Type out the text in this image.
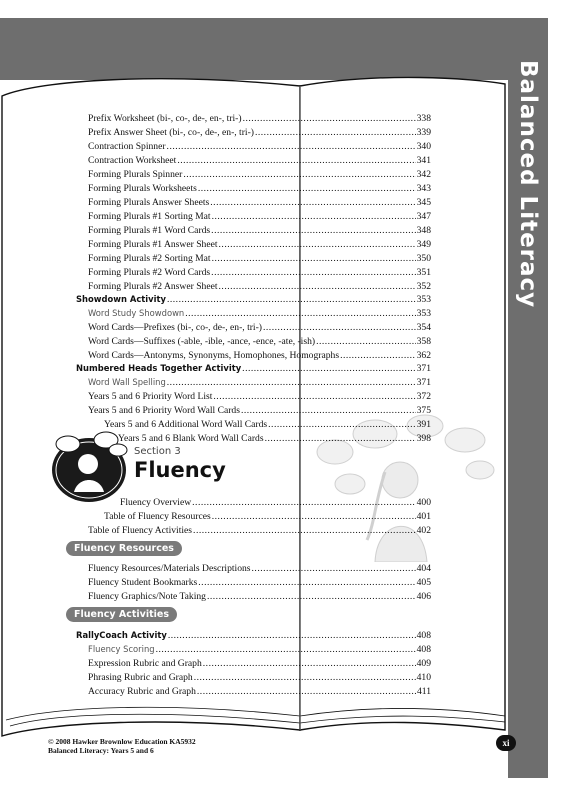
Balanced Literacy
Prefix Worksheet (bi-, co-, de-, en-, tri-) .....	338
Prefix Answer Sheet (bi-, co-, de-, en-, tri-) .....	339
Contraction Spinner .....	340
Contraction Worksheet .....	341
Forming Plurals Spinner .....	342
Forming Plurals Worksheets .....	343
Forming Plurals Answer Sheets .....	345
Forming Plurals #1 Sorting Mat .....	347
Forming Plurals #1 Word Cards .....	348
Forming Plurals #1 Answer Sheet .....	349
Forming Plurals #2 Sorting Mat .....	350
Forming Plurals #2 Word Cards .....	351
Forming Plurals #2 Answer Sheet .....	352
Showdown Activity .....	353
Word Study Showdown .....	353
Word Cards—Prefixes (bi-, co-, de-, en-, tri-) .....	354
Word Cards—Suffixes (-able, -ible, -ance, -ence, -ate, -ish) .....	358
Word Cards—Antonyms, Synonyms, Homophones, Homographs .....	362
Numbered Heads Together Activity .....	371
Word Wall Spelling .....	371
Years 5 and 6 Priority Word List .....	372
Years 5 and 6 Priority Word Wall Cards .....	375
Years 5 and 6 Additional Word Wall Cards .....	391
Years 5 and 6 Blank Word Wall Cards .....	398
Fluency Overview .....	400
Table of Fluency Resources .....	401
Table of Fluency Activities .....	402
Fluency Resources/Materials Descriptions .....	404
Fluency Student Bookmarks .....	405
Fluency Graphics/Note Taking .....	406
RallyCoach Activity .....	408
Fluency Scoring .....	408
Expression Rubric and Graph .....	409
Phrasing Rubric and Graph .....	410
Accuracy Rubric and Graph .....	411
Section 3
Fluency
Fluency Resources
Fluency Activities
© 2008 Hawker Brownlow Education KA5932
Balanced Literacy: Years 5 and 6
xi
